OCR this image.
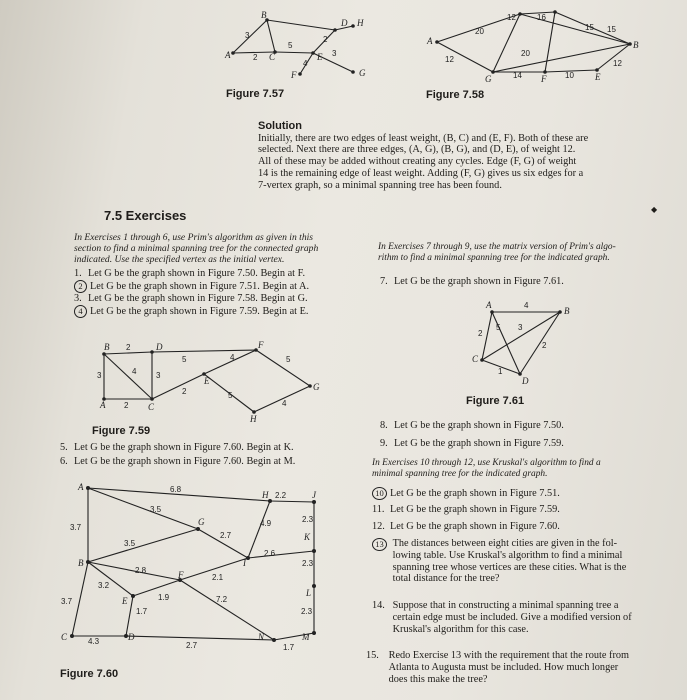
A
B
C
D
E
F	G
H
3
2
5
2
4
3
Figure 7.57
A	B
E
F
G
12	16
20	15 15
20
12
14	10
12
Figure 7.58
Solution
Initially, there are two edges of least weight, (B, C) and (E, F). Both of these are
selected. Next there are three edges, (A, G), (B, G), and (D, E), of weight 12.
All of these may be added without creating any cycles. Edge (F, G) of weight
14 is the remaining edge of least weight. Adding (F, G) gives us six edges for a
7-vertex graph, so a minimal spanning tree has been found.
◆
7.5 Exercises
In Exercises 1 through 6, use Prim's algorithm as given in this
section to find a minimal spanning tree for the connected graph
indicated. Use the specified vertex as the initial vertex.
1. Let G be the graph shown in Figure 7.50. Begin at F.
2 Let G be the graph shown in Figure 7.51. Begin at A.
3. Let G be the graph shown in Figure 7.58. Begin at G.
4 Let G be the graph shown in Figure 7.59. Begin at E.
A
B
C
D
E
F
G
H
2
3	4 3
5	4	5
2
2	5
4
Figure 7.59
5. Let G be the graph shown in Figure 7.60. Begin at K.
6. Let G be the graph shown in Figure 7.60. Begin at M.
A
B
C	D
E
F
G
H
I
J
K
L
M
N
6.8
3.5
2.2
4.9	2.3
3.7
3.5
2.7
2.6
2.3
2.8
3.2
2.1
3.7	1.9
1.7
7.2
2.3
4.3	2.7	1.7
Figure 7.60
In Exercises 7 through 9, use the matrix version of Prim's algo-
rithm to find a minimal spanning tree for the indicated graph.
7. Let G be the graph shown in Figure 7.61.
A
B
C
D
4
2
5 3
2
1
Figure 7.61
8. Let G be the graph shown in Figure 7.50.
9. Let G be the graph shown in Figure 7.59.
In Exercises 10 through 12, use Kruskal's algorithm to find a
minimal spanning tree for the indicated graph.
10 Let G be the graph shown in Figure 7.51.
11. Let G be the graph shown in Figure 7.59.
12. Let G be the graph shown in Figure 7.60.
13 The distances between eight cities are given in the fol-
lowing table. Use Kruskal's algorithm to find a minimal
spanning tree whose vertices are these cities. What is the
total distance for the tree?
14. Suppose that in constructing a minimal spanning tree a
certain edge must be included. Give a modified version of
Kruskal's algorithm for this case.
15. Redo Exercise 13 with the requirement that the route from
Atlanta to Augusta must be included. How much longer
does this make the tree?
